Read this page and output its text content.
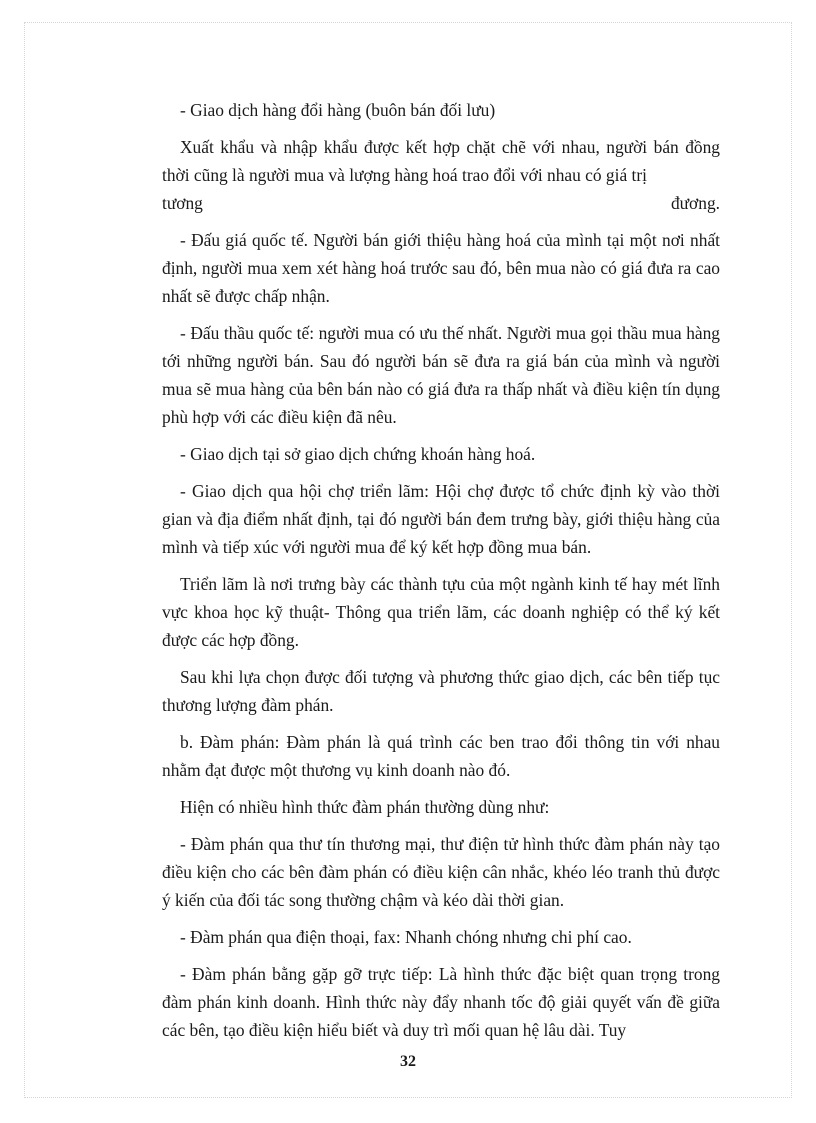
- Giao dịch hàng đổi hàng (buôn bán đối lưu)

Xuất khẩu và nhập khẩu được kết hợp chặt chẽ với nhau, người bán đồng thời cũng là người mua và lượng hàng hoá trao đổi với nhau có giá trị
tương	đương.

- Đấu giá quốc tế. Người bán giới thiệu hàng hoá của mình tại một nơi nhất định, người mua xem xét hàng hoá trước sau đó, bên mua nào có giá đưa ra cao nhất sẽ được chấp nhận.

- Đấu thầu quốc tế: người mua có ưu thế nhất. Người mua gọi thầu mua hàng tới những người bán. Sau đó người bán sẽ đưa ra giá bán của mình và người mua sẽ mua hàng của bên bán nào có giá đưa ra thấp nhất và điều kiện tín dụng phù hợp với các điều kiện đã nêu.

- Giao dịch tại sở giao dịch chứng khoán hàng hoá.

- Giao dịch qua hội chợ triển lãm: Hội chợ được tổ chức định kỳ vào thời gian và địa điểm nhất định, tại đó người bán đem trưng bày, giới thiệu hàng của mình và tiếp xúc với người mua để ký kết hợp đồng mua bán.

Triển lãm là nơi trưng bày các thành tựu của một ngành kinh tế hay mét lĩnh vực khoa học kỹ thuật- Thông qua triển lãm, các doanh nghiệp có thể ký kết được các hợp đồng.

Sau khi lựa chọn được đối tượng và phương thức giao dịch, các bên tiếp tục thương lượng đàm phán.

b. Đàm phán: Đàm phán là quá trình các ben trao đổi thông tin với nhau nhằm đạt được một thương vụ kinh doanh nào đó.

Hiện có nhiều hình thức đàm phán thường dùng như:

- Đàm phán qua thư tín thương mại, thư điện tử hình thức đàm phán này tạo điều kiện cho các bên đàm phán có điều kiện cân nhắc, khéo léo tranh thủ được ý kiến của đối tác song thường chậm và kéo dài thời gian.

- Đàm phán qua điện thoại, fax: Nhanh chóng nhưng chi phí cao.

- Đàm phán bằng gặp gỡ trực tiếp: Là hình thức đặc biệt quan trọng trong đàm phán kinh doanh. Hình thức này đẩy nhanh tốc độ giải quyết vấn đề giữa các bên, tạo điều kiện hiểu biết và duy trì mối quan hệ lâu dài. Tuy

32
